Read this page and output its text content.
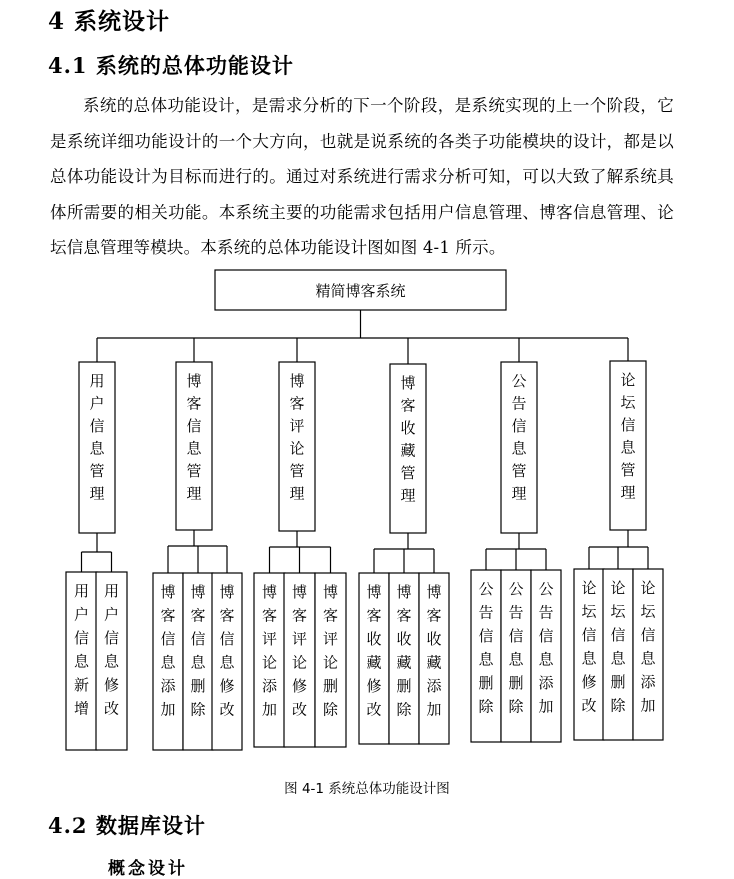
4 系统设计
4.1 系统的总体功能设计
系统的总体功能设计，是需求分析的下一个阶段，是系统实现的上一个阶段，它是系统详细功能设计的一个大方向，也就是说系统的各类子功能模块的设计，都是以总体功能设计为目标而进行的。通过对系统进行需求分析可知，可以大致了解系统具体所需要的相关功能。本系统主要的功能需求包括用户信息管理、博客信息管理、论坛信息管理等模块。本系统的总体功能设计图如图 4-1 所示。
精简博客系统
用户信息管理
用户信息新增
用户信息修改
博客信息管理
博客信息添加
博客信息删除
博客信息修改
博客评论管理
博客评论添加
博客评论修改
博客评论删除
博客收藏管理
博客收藏修改
博客收藏删除
博客收藏添加
公告信息管理
公告信息删除
公告信息删除
公告信息添加
论坛信息管理
论坛信息修改
论坛信息删除
论坛信息添加
图 4-1 系统总体功能设计图
4.2 数据库设计
概念设计
